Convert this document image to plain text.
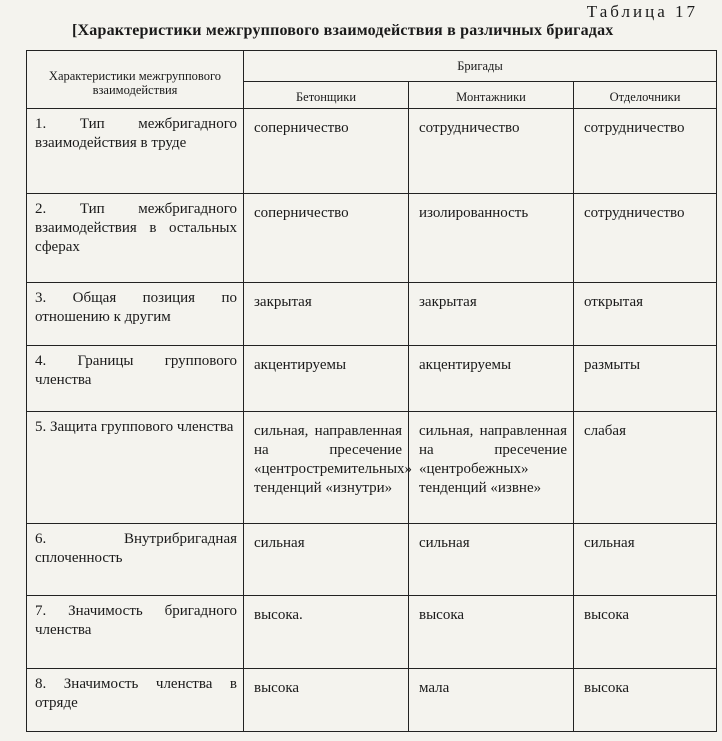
Таблица 17
[Характеристики межгруппового взаимодействия в различных бригадах
Характеристики межгруппового взаимодействия	Бригады		
	Бетонщики	Монтажники	Отделочники
1. Тип межбригадного взаимодействия в труде	соперничество	сотрудничество	сотрудничество
2. Тип межбригадного взаимодействия в остальных сферах	соперничество	изолированность	сотрудничество
3. Общая позиция по отношению к другим	закрытая	закрытая	открытая
4. Границы группового членства	акцентируемы	акцентируемы	размыты
5. Защита группового членства	сильная, направленная на пресечение «центростремительных» тенденций «изнутри»	сильная, направленная на пресечение «центробежных» тенденций «извне»	слабая
6. Внутрибригадная сплоченность	сильная	сильная	сильная
7. Значимость бригадного членства	высока.	высока	высока
8. Значимость членства в отряде	высока	мала	высока
